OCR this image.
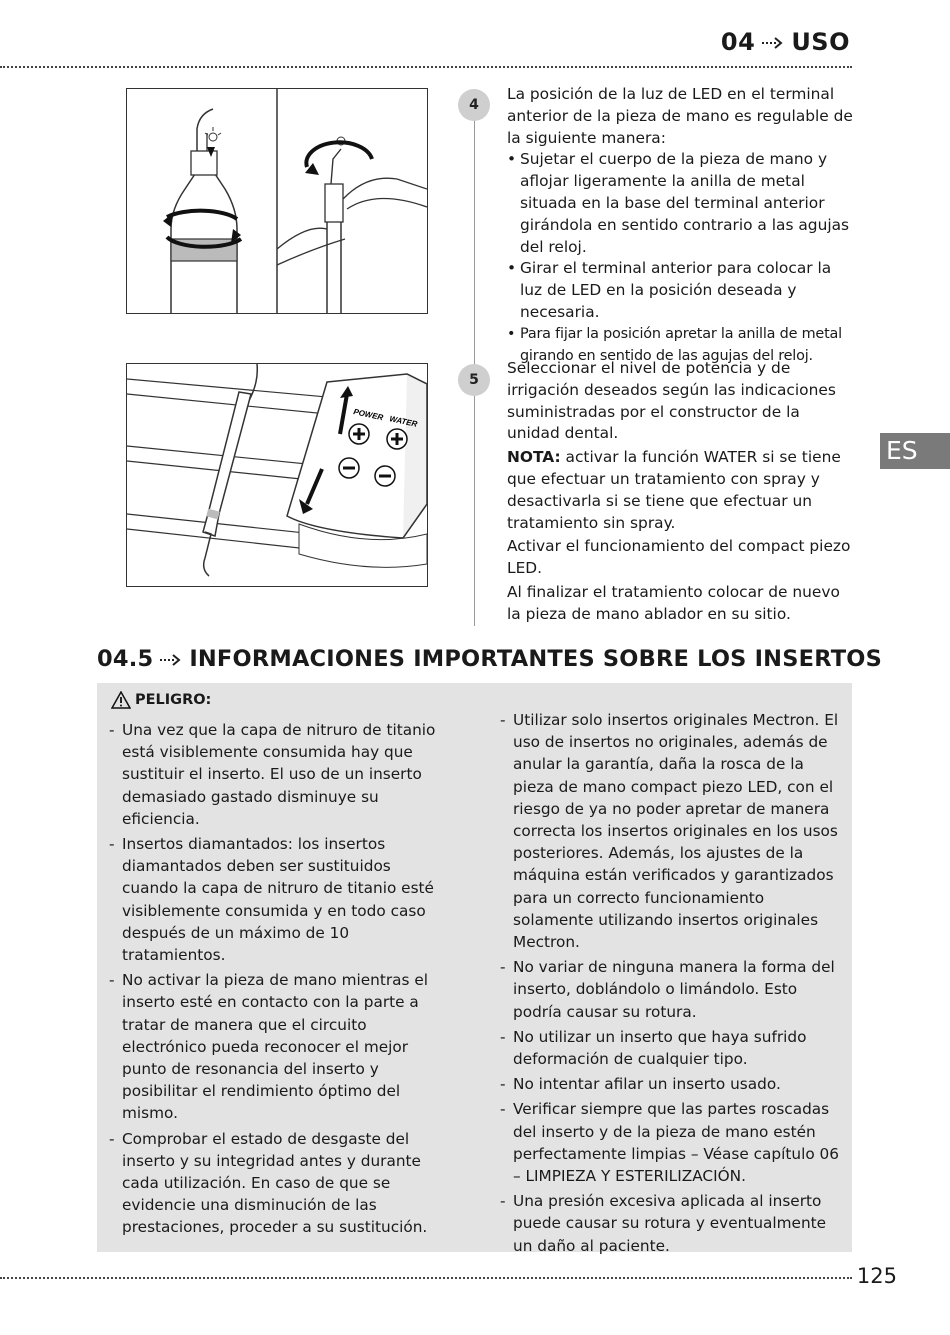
04 USO
POWER WATER
4

La posición de la luz de LED en el terminal anterior de la pieza de mano es regulable de la siguiente manera:

• Sujetar el cuerpo de la pieza de mano y aflojar ligeramente la anilla de metal situada en la base del terminal anterior girándola en sentido contrario a las agujas del reloj.
• Girar el terminal anterior para colocar la luz de LED en la posición deseada y necesaria.
• Para fijar la posición apretar la anilla de metal girando en sentido de las agujas del reloj.
5

Seleccionar el nivel de potencia y de irrigación deseados según las indicaciones suministradas por el constructor de la unidad dental.

NOTA: activar la función WATER si se tiene que efectuar un tratamiento con spray y desactivarla si se tiene que efectuar un tratamiento sin spray.

Activar el funcionamiento del compact piezo LED.

Al finalizar el tratamiento colocar de nuevo la pieza de mano ablador en su sitio.

ES
04.5 INFORMACIONES IMPORTANTES SOBRE LOS INSERTOS
PELIGRO:
- Una vez que la capa de nitruro de titanio está visiblemente consumida hay que sustituir el inserto. El uso de un inserto demasiado gastado disminuye su eficiencia.
- Insertos diamantados: los insertos diamantados deben ser sustituidos cuando la capa de nitruro de titanio esté visiblemente consumida y en todo caso después de un máximo de 10 tratamientos.
- No activar la pieza de mano mientras el inserto esté en contacto con la parte a tratar de manera que el circuito electrónico pueda reconocer el mejor punto de resonancia del inserto y posibilitar el rendimiento óptimo del mismo.
- Comprobar el estado de desgaste del inserto y su integridad antes y durante cada utilización. En caso de que se evidencie una disminución de las prestaciones, proceder a su sustitución.
- Utilizar solo insertos originales Mectron. El uso de insertos no originales, además de anular la garantía, daña la rosca de la pieza de mano compact piezo LED, con el riesgo de ya no poder apretar de manera correcta los insertos originales en los usos posteriores. Además, los ajustes de la máquina están verificados y garantizados para un correcto funcionamiento solamente utilizando insertos originales Mectron.
- No variar de ninguna manera la forma del inserto, doblándolo o limándolo. Esto podría causar su rotura.
- No utilizar un inserto que haya sufrido deformación de cualquier tipo.
- No intentar afilar un inserto usado.
- Verificar siempre que las partes roscadas del inserto y de la pieza de mano estén perfectamente limpias – Véase capítulo 06 – LIMPIEZA Y ESTERILIZACIÓN.
- Una presión excesiva aplicada al inserto puede causar su rotura y eventualmente un daño al paciente.
125
